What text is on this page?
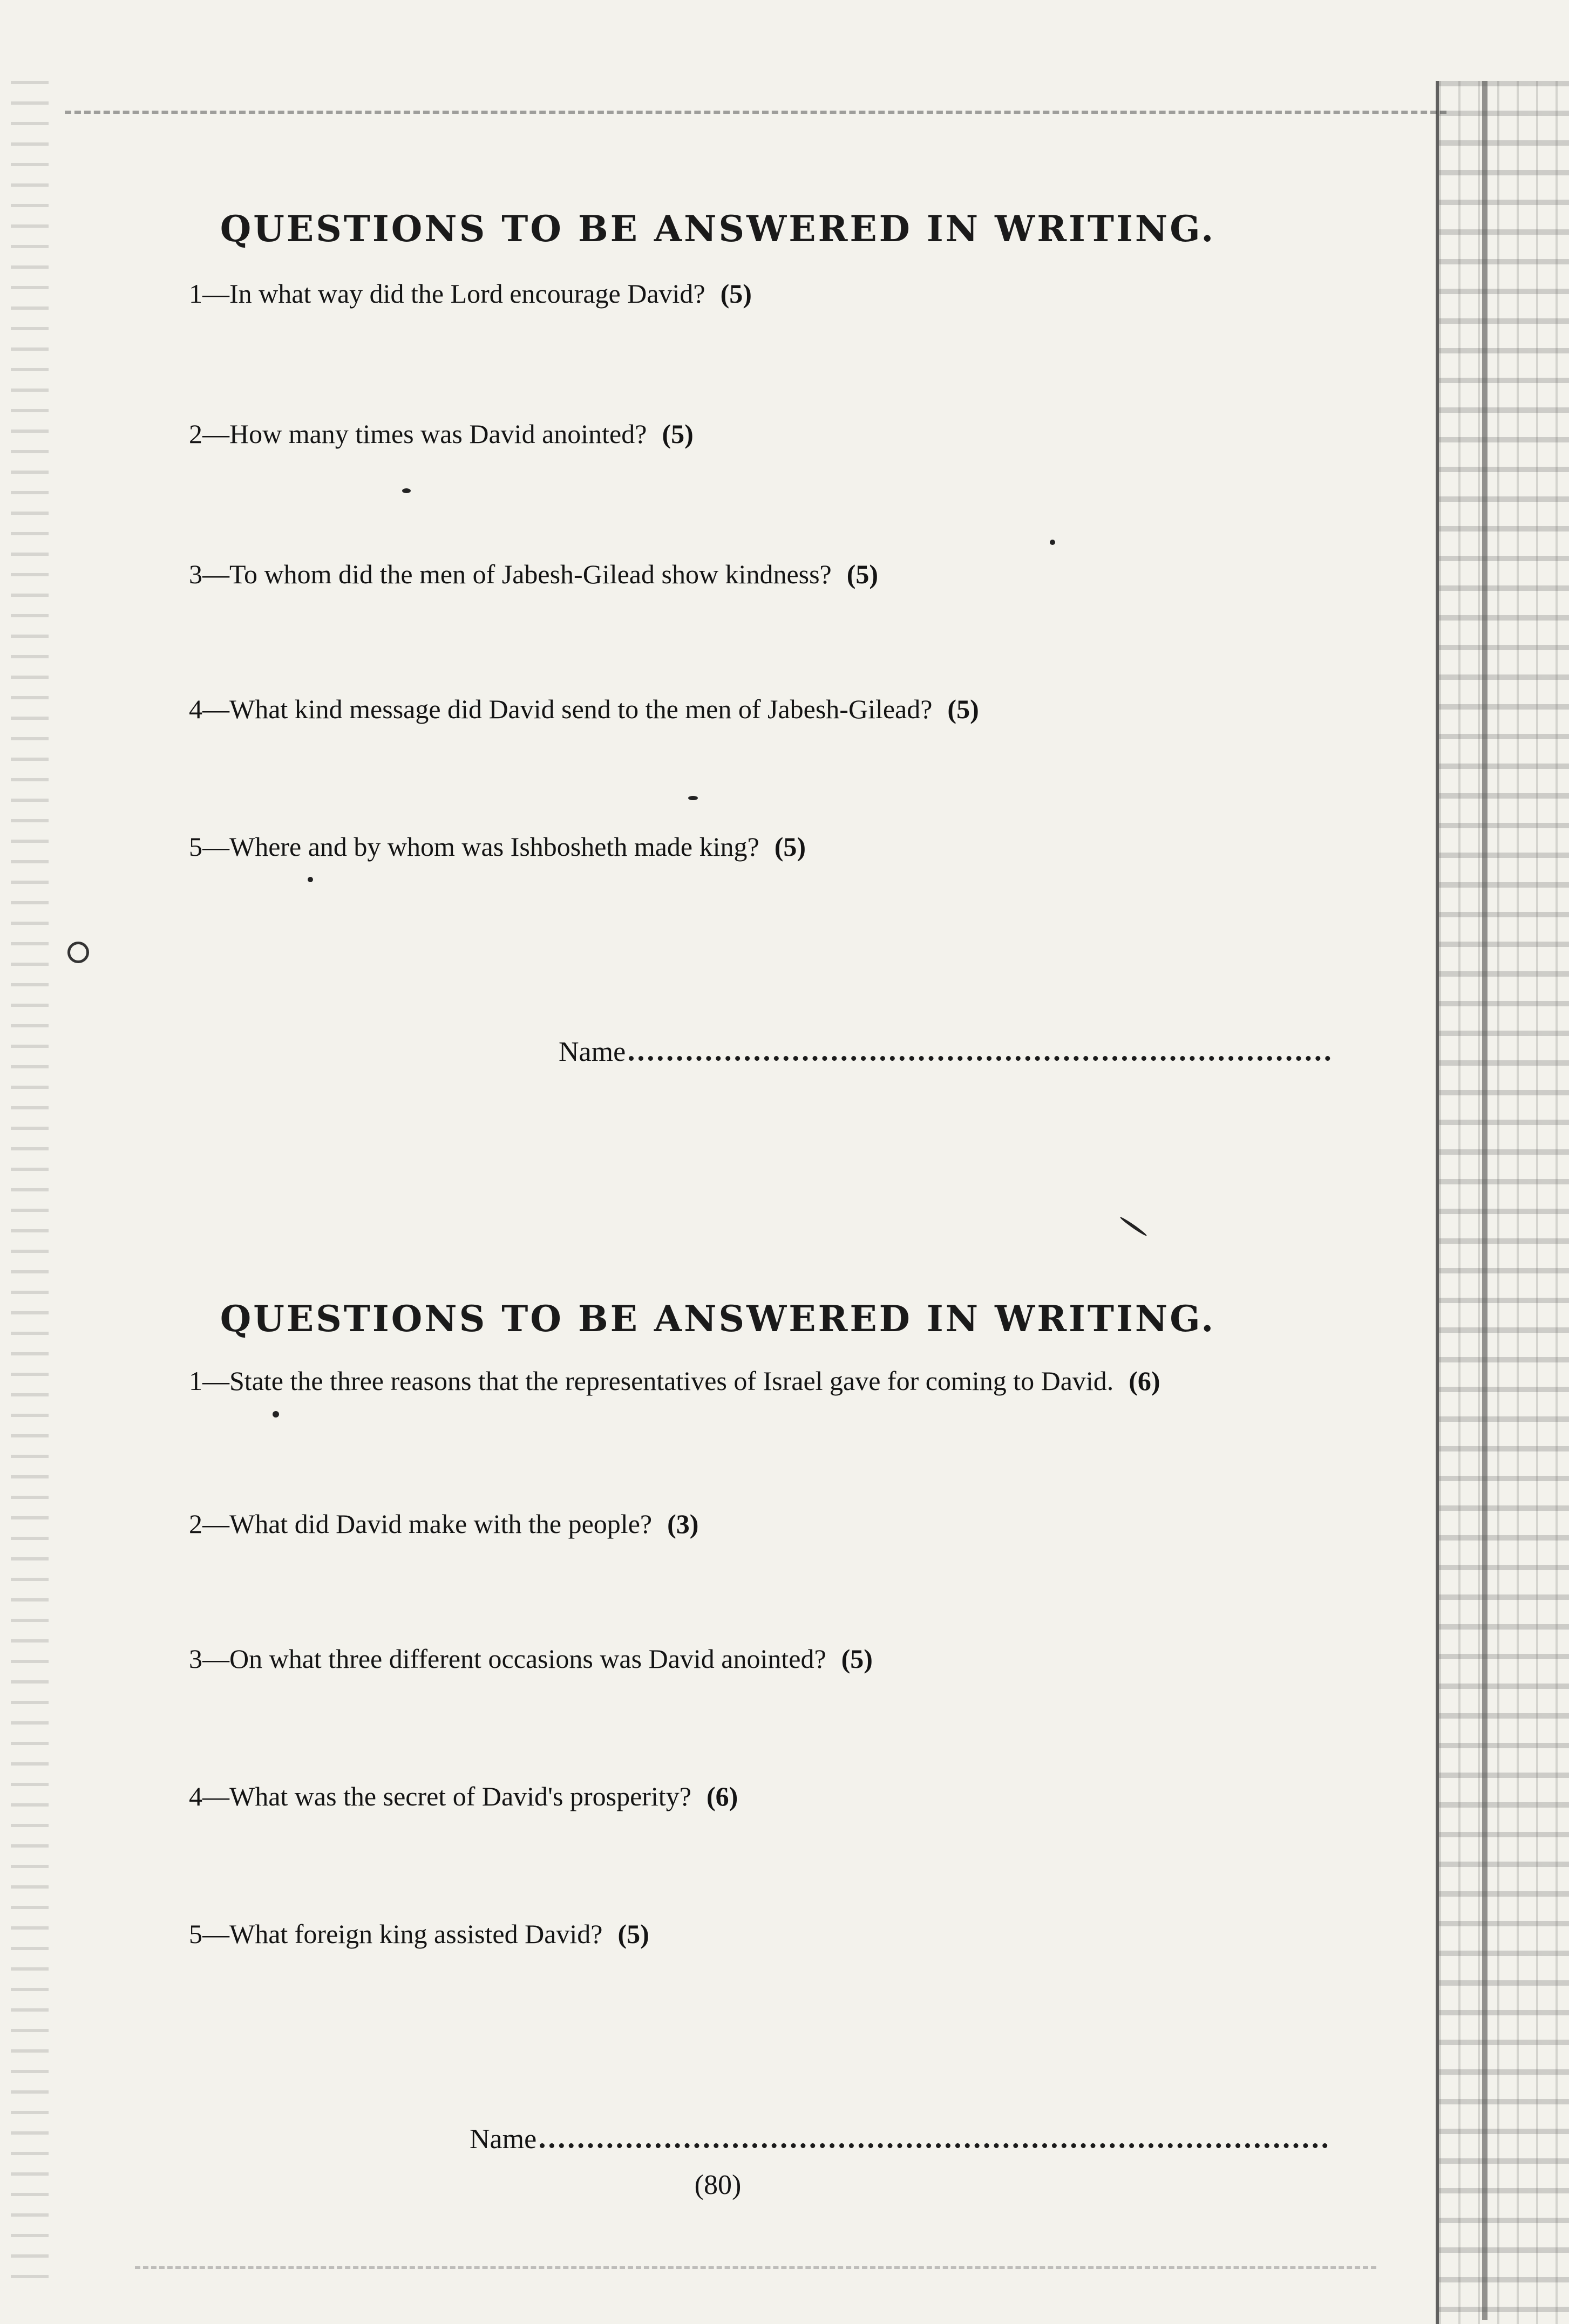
QUESTIONS TO BE ANSWERED IN WRITING.
1—In what way did the Lord encourage David? (5)
2—How many times was David anointed? (5)
3—To whom did the men of Jabesh-Gilead show kindness? (5)
4—What kind message did David send to the men of Jabesh-Gilead? (5)
5—Where and by whom was Ishbosheth made king? (5)
Name
QUESTIONS TO BE ANSWERED IN WRITING.
1—State the three reasons that the representatives of Israel gave for coming to David. (6)
2—What did David make with the people? (3)
3—On what three different occasions was David anointed? (5)
4—What was the secret of David's prosperity? (6)
5—What foreign king assisted David? (5)
Name
(80)
